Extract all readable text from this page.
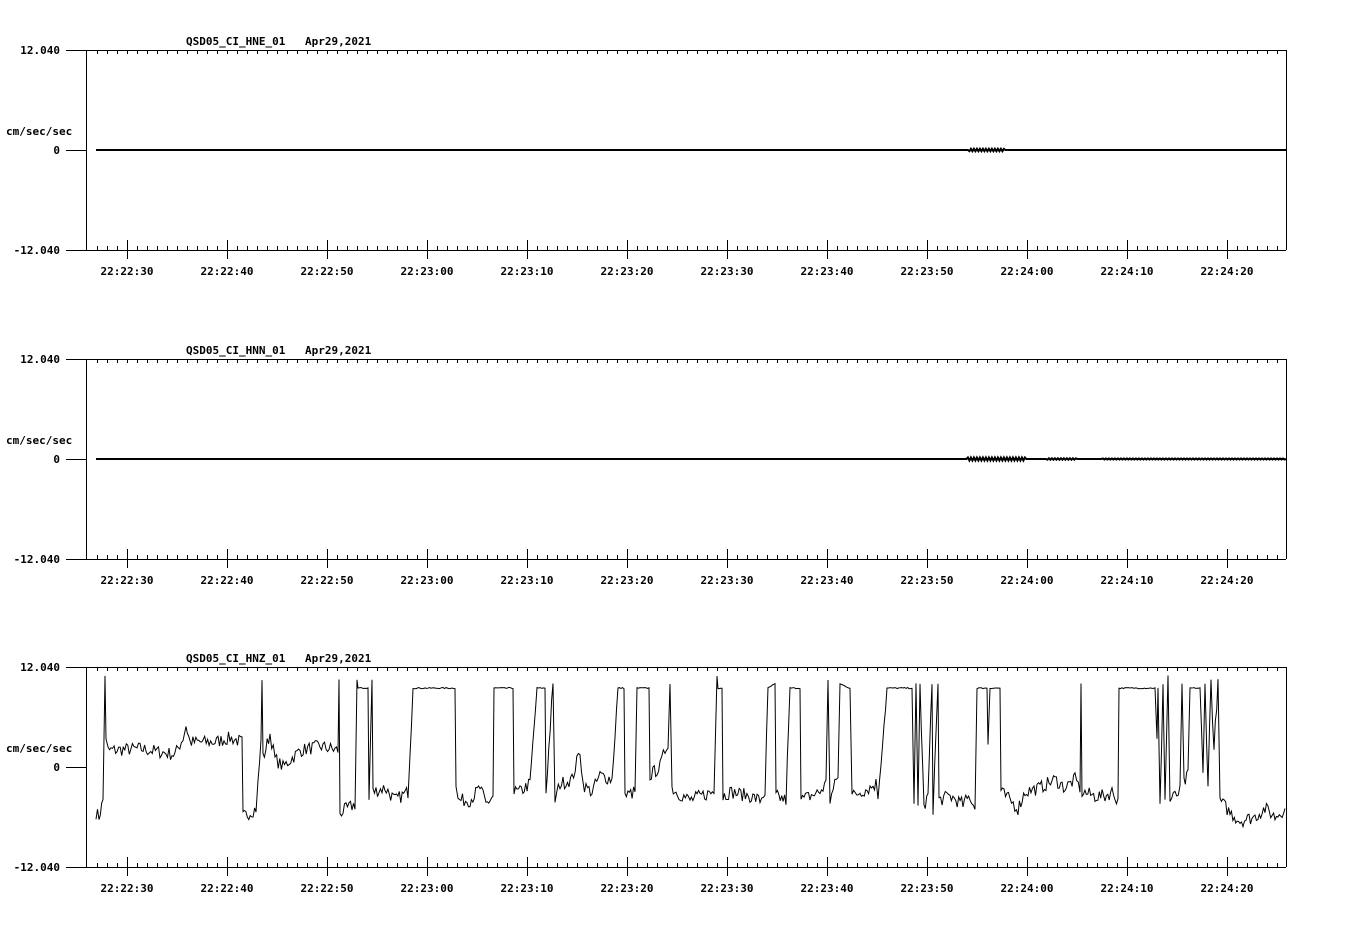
QSD05_CI_HNE_01 Apr29,2021
12.040
0
-12.040
cm/sec/sec
22:22:30	22:22:40	22:22:50	22:23:00	22:23:10	22:23:20	22:23:30	22:23:40	22:23:50	22:24:00	22:24:10	22:24:20
QSD05_CI_HNN_01 Apr29,2021
12.040
0
-12.040
cm/sec/sec
22:22:30	22:22:40	22:22:50	22:23:00	22:23:10	22:23:20	22:23:30	22:23:40	22:23:50	22:24:00	22:24:10	22:24:20
QSD05_CI_HNZ_01 Apr29,2021
12.040
0
-12.040
cm/sec/sec
22:22:30	22:22:40	22:22:50	22:23:00	22:23:10	22:23:20	22:23:30	22:23:40	22:23:50	22:24:00	22:24:10	22:24:20
